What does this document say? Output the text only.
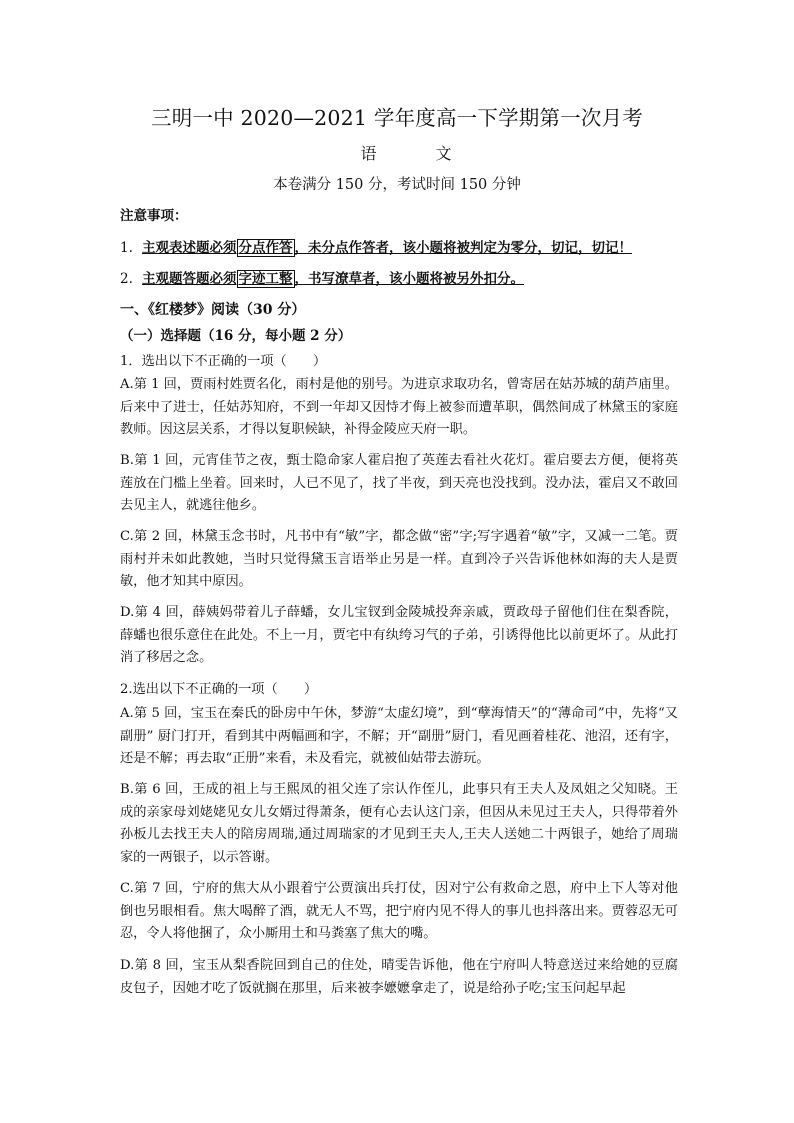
三明一中 2020—2021 学年度高一下学期第一次月考
语 文
本卷满分 150 分，考试时间 150 分钟
注意事项：
1. 主观表述题必须 分点作答 ，未分点作答者，该小题将被判定为零分，切记，切记！
2. 主观题答题必须 字迹工整 ，书写潦草者，该小题将被另外扣分。
一、《红楼梦》阅读（30 分）
（一）选择题（16 分，每小题 2 分）
1．选出以下不正确的一项（　　）
A.第 1 回，贾雨村姓贾名化，雨村是他的别号。为进京求取功名，曾寄居在姑苏城的葫芦庙里。后来中了进士，任姑苏知府，不到一年却又因恃才侮上被参而遭革职，偶然间成了林黛玉的家庭教师。因这层关系，才得以复职候缺，补得金陵应天府一职。
B.第 1 回，元宵佳节之夜，甄士隐命家人霍启抱了英莲去看社火花灯。霍启要去方便，便将英莲放在门槛上坐着。回来时，人已不见了，找了半夜，到天亮也没找到。没办法，霍启又不敢回去见主人，就逃往他乡。
C.第 2 回，林黛玉念书时，凡书中有“敏”字，都念做“密”字;写字遇着“敏”字，又减一二笔。贾雨村并未如此教她，当时只觉得黛玉言语举止另是一样。直到冷子兴告诉他林如海的夫人是贾敏，他才知其中原因。
D.第 4 回，薛姨妈带着儿子薛蟠，女儿宝钗到金陵城投奔亲戚，贾政母子留他们住在梨香院，薛蟠也很乐意住在此处。不上一月，贾宅中有纨绔习气的子弟，引诱得他比以前更坏了。从此打消了移居之念。
2.选出以下不正确的一项（　　）
A.第 5 回，宝玉在秦氏的卧房中午休，梦游“太虚幻境”，到“孽海情天”的“薄命司”中，先将“又副册” 厨门打开，看到其中两幅画和字，不解；开“副册”厨门，看见画着桂花、池沼，还有字，还是不解；再去取“正册”来看，未及看完，就被仙姑带去游玩。
B.第 6 回，王成的祖上与王熙凤的祖父连了宗认作侄儿，此事只有王夫人及凤姐之父知晓。王成的亲家母刘姥姥见女儿女婿过得萧条，便有心去认这门亲，但因从未见过王夫人，只得带着外孙板儿去找王夫人的陪房周瑞,通过周瑞家的才见到王夫人,王夫人送她二十两银子，她给了周瑞家的一两银子，以示答谢。
C.第 7 回，宁府的焦大从小跟着宁公贾演出兵打仗，因对宁公有救命之恩，府中上下人等对他倒也另眼相看。焦大喝醉了酒，就无人不骂，把宁府内见不得人的事儿也抖落出来。贾蓉忍无可忍，令人将他捆了，众小厮用土和马粪塞了焦大的嘴。
D.第 8 回，宝玉从梨香院回到自己的住处，晴雯告诉他，他在宁府叫人特意送过来给她的豆腐皮包子，因她才吃了饭就搁在那里，后来被李嬷嬷拿走了，说是给孙子吃;宝玉问起早起
